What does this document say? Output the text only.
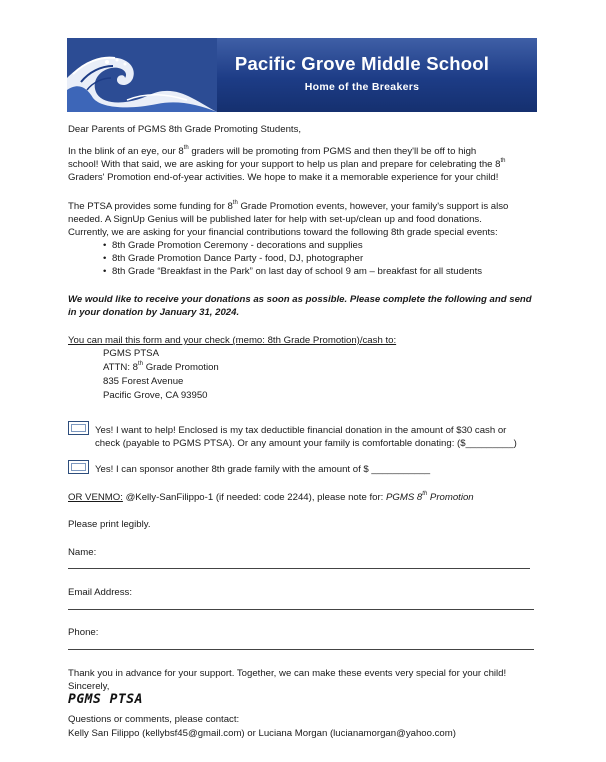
Pacific Grove Middle School
Home of the Breakers
Dear Parents of PGMS 8th Grade Promoting Students,
In the blink of an eye, our 8th graders will be promoting from PGMS and then they'll be off to high
school! With that said, we are asking for your support to help us plan and prepare for celebrating the 8th
Graders' Promotion end-of-year activities. We hope to make it a memorable experience for your child!
The PTSA provides some funding for 8th Grade Promotion events, however, your family's support is also
needed. A SignUp Genius will be published later for help with set-up/clean up and food donations.
Currently, we are asking for your financial contributions toward the following 8th grade special events:
• 8th Grade Promotion Ceremony - decorations and supplies
• 8th Grade Promotion Dance Party - food, DJ, photographer
• 8th Grade “Breakfast in the Park” on last day of school 9 am – breakfast for all students
We would like to receive your donations as soon as possible. Please complete the following and send
in your donation by January 31, 2024.
You can mail this form and your check (memo: 8th Grade Promotion)/cash to:
PGMS PTSA
ATTN: 8th Grade Promotion
835 Forest Avenue
Pacific Grove, CA 93950
Yes! I want to help! Enclosed is my tax deductible financial donation in the amount of $30 cash or
check (payable to PGMS PTSA). Or any amount your family is comfortable donating: ($_________)
Yes! I can sponsor another 8th grade family with the amount of $ ___________
OR VENMO: @Kelly-SanFilippo-1 (if needed: code 2244), please note for: PGMS 8th Promotion
Please print legibly.
Name:
Email Address:
Phone:
Thank you in advance for your support. Together, we can make these events very special for your child!
Sincerely,
PGMS PTSA
Questions or comments, please contact:
Kelly San Filippo (kellybsf45@gmail.com) or Luciana Morgan (lucianamorgan@yahoo.com)
